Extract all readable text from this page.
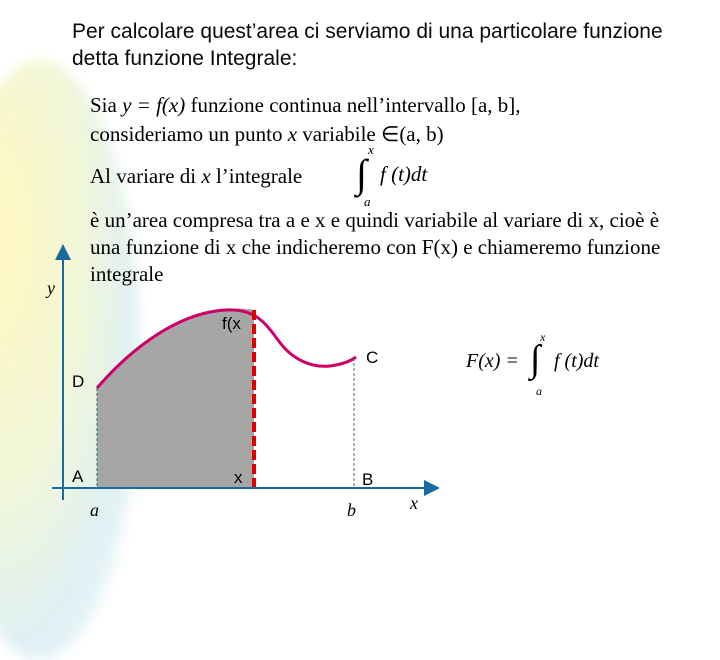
Per calcolare quest’area ci serviamo di una particolare funzione detta funzione Integrale:
Sia y = f(x) funzione continua nell’intervallo [a, b],
consideriamo un punto x variabile ∈(a, b)
Al variare di x l’integrale
x
∫
a
f (t)dt
è un’area compresa tra a e x e quindi variabile al variare di x, cioè è una funzione di x che indicheremo con F(x) e chiameremo funzione integrale
y
x
f(x
C
D
A	B
x
a	b
F(x) =
x
∫
a
f (t)dt
